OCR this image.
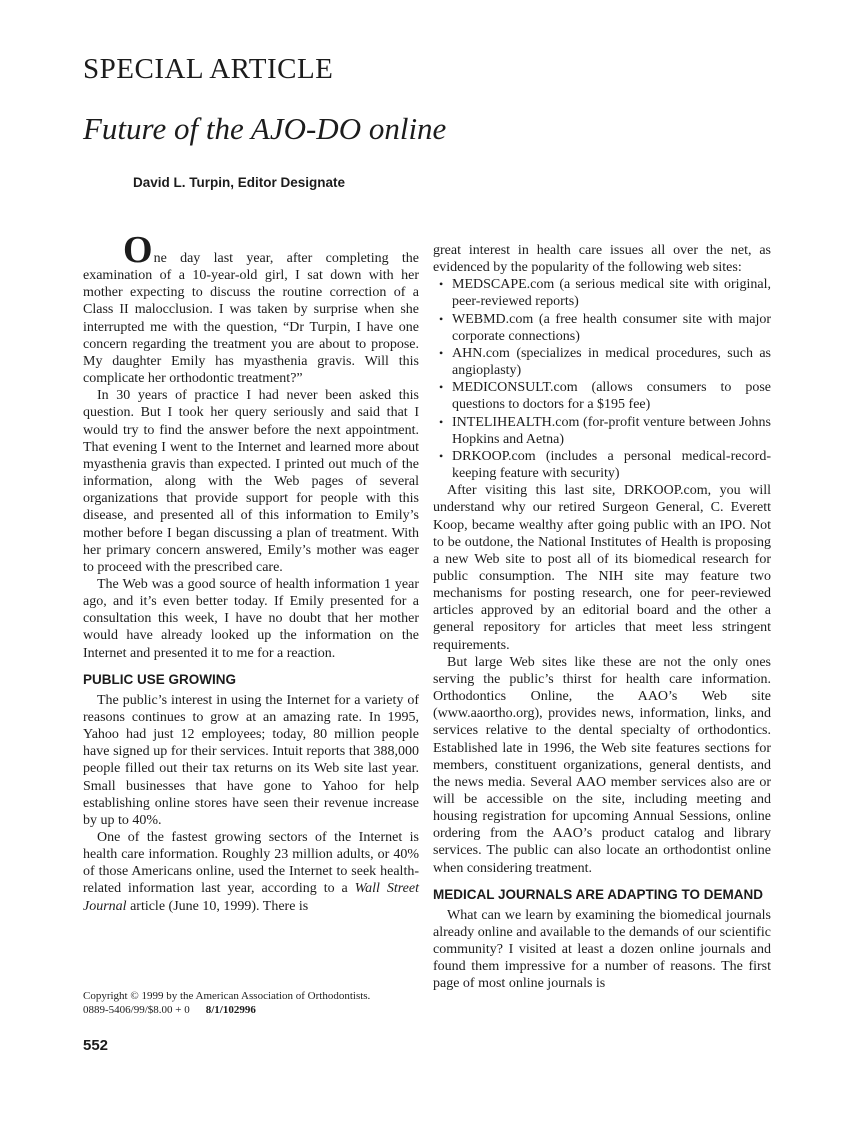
SPECIAL ARTICLE
Future of the AJO-DO online
David L. Turpin, Editor Designate

One day last year, after completing the examination of a 10-year-old girl, I sat down with her mother expecting to discuss the routine correction of a Class II malocclusion. I was taken by surprise when she interrupted me with the question, “Dr Turpin, I have one concern regarding the treatment you are about to propose. My daughter Emily has myasthenia gravis. Will this complicate her orthodontic treatment?”

In 30 years of practice I had never been asked this question. But I took her query seriously and said that I would try to find the answer before the next appointment. That evening I went to the Internet and learned more about myasthenia gravis than expected. I printed out much of the information, along with the Web pages of several organizations that provide support for people with this disease, and presented all of this information to Emily’s mother before I began discussing a plan of treatment. With her primary concern answered, Emily’s mother was eager to proceed with the prescribed care.

The Web was a good source of health information 1 year ago, and it’s even better today. If Emily presented for a consultation this week, I have no doubt that her mother would have already looked up the information on the Internet and presented it to me for a reaction.

PUBLIC USE GROWING

The public’s interest in using the Internet for a variety of reasons continues to grow at an amazing rate. In 1995, Yahoo had just 12 employees; today, 80 million people have signed up for their services. Intuit reports that 388,000 people filled out their tax returns on its Web site last year. Small businesses that have gone to Yahoo for help establishing online stores have seen their revenue increase by up to 40%.

One of the fastest growing sectors of the Internet is health care information. Roughly 23 million adults, or 40% of those Americans online, used the Internet to seek health-related information last year, according to a Wall Street Journal article (June 10, 1999). There is

great interest in health care issues all over the net, as evidenced by the popularity of the following web sites:

• MEDSCAPE.com (a serious medical site with original, peer-reviewed reports)
• WEBMD.com (a free health consumer site with major corporate connections)
• AHN.com (specializes in medical procedures, such as angioplasty)
• MEDICONSULT.com (allows consumers to pose questions to doctors for a $195 fee)
• INTELIHEALTH.com (for-profit venture between Johns Hopkins and Aetna)
• DRKOOP.com (includes a personal medical-record-keeping feature with security)

After visiting this last site, DRKOOP.com, you will understand why our retired Surgeon General, C. Everett Koop, became wealthy after going public with an IPO. Not to be outdone, the National Institutes of Health is proposing a new Web site to post all of its biomedical research for public consumption. The NIH site may feature two mechanisms for posting research, one for peer-reviewed articles approved by an editorial board and the other a general repository for articles that meet less stringent requirements.

But large Web sites like these are not the only ones serving the public’s thirst for health care information. Orthodontics Online, the AAO’s Web site (www.aaortho.org), provides news, information, links, and services relative to the dental specialty of orthodontics. Established late in 1996, the Web site features sections for members, constituent organizations, general dentists, and the news media. Several AAO member services also are or will be accessible on the site, including meeting and housing registration for upcoming Annual Sessions, online ordering from the AAO’s product catalog and library services. The public can also locate an orthodontist online when considering treatment.

MEDICAL JOURNALS ARE ADAPTING TO DEMAND

What can we learn by examining the biomedical journals already online and available to the demands of our scientific community? I visited at least a dozen online journals and found them impressive for a number of reasons. The first page of most online journals is

Copyright © 1999 by the American Association of Orthodontists.
0889-5406/99/$8.00 + 0 8/1/102996
552
